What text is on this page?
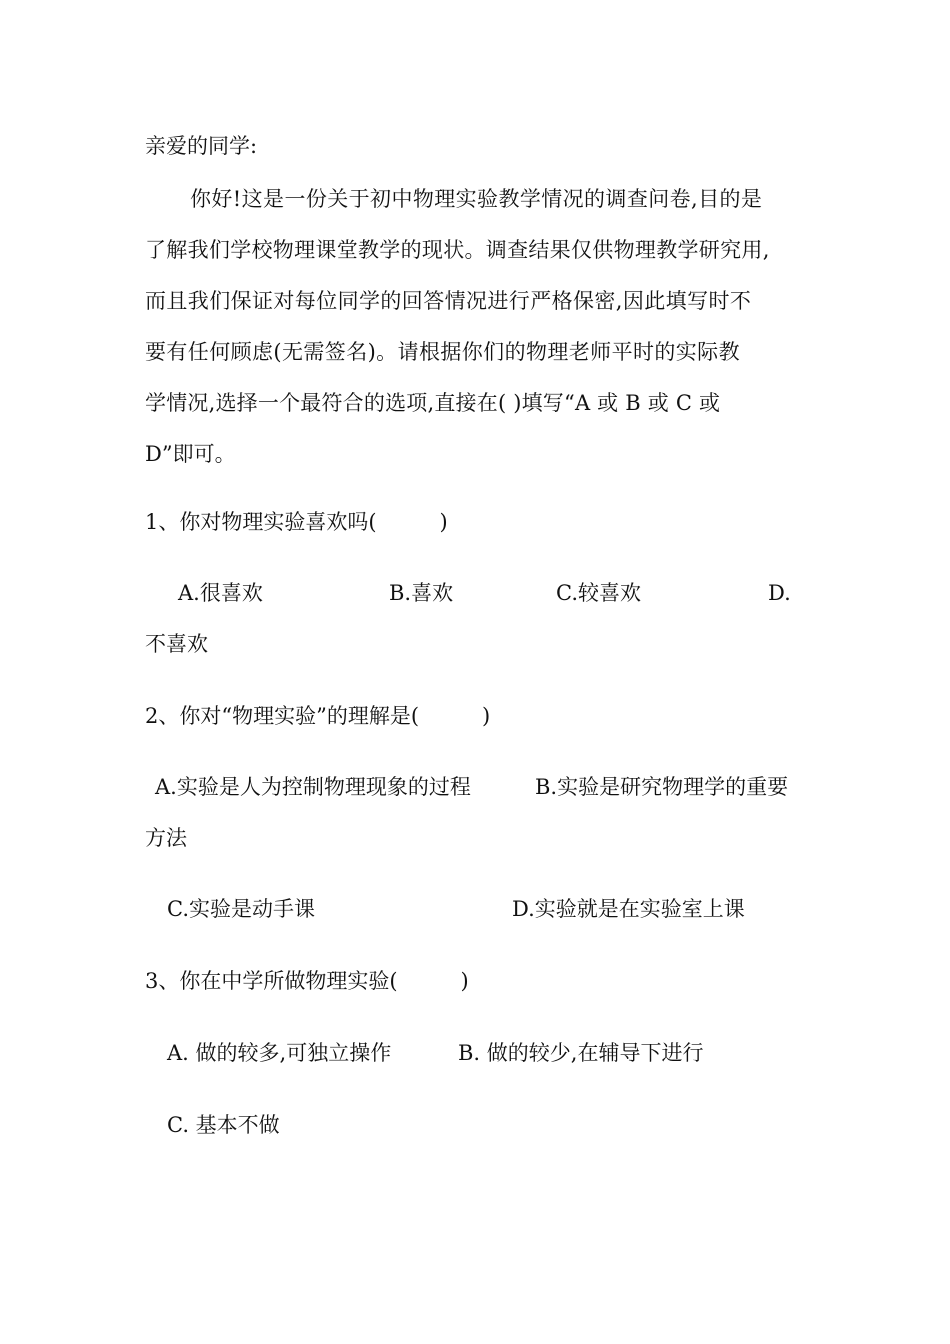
亲爱的同学:
你好!这是一份关于初中物理实验教学情况的调查问卷,目的是
了解我们学校物理课堂教学的现状。调查结果仅供物理教学研究用,
而且我们保证对每位同学的回答情况进行严格保密,因此填写时不
要有任何顾虑(无需签名)。请根据你们的物理老师平时的实际教
学情况,选择一个最符合的选项,直接在( )填写“A 或 B 或 C 或
D”即可。
1、你对物理实验喜欢吗(　　　)
A.很喜欢	B.喜欢	C.较喜欢	D.
不喜欢
2、你对“物理实验”的理解是(　　　)
A.实验是人为控制物理现象的过程	B.实验是研究物理学的重要
方法
C.实验是动手课	D.实验就是在实验室上课
3、你在中学所做物理实验(　　　)
A. 做的较多,可独立操作	B. 做的较少,在辅导下进行
C. 基本不做
